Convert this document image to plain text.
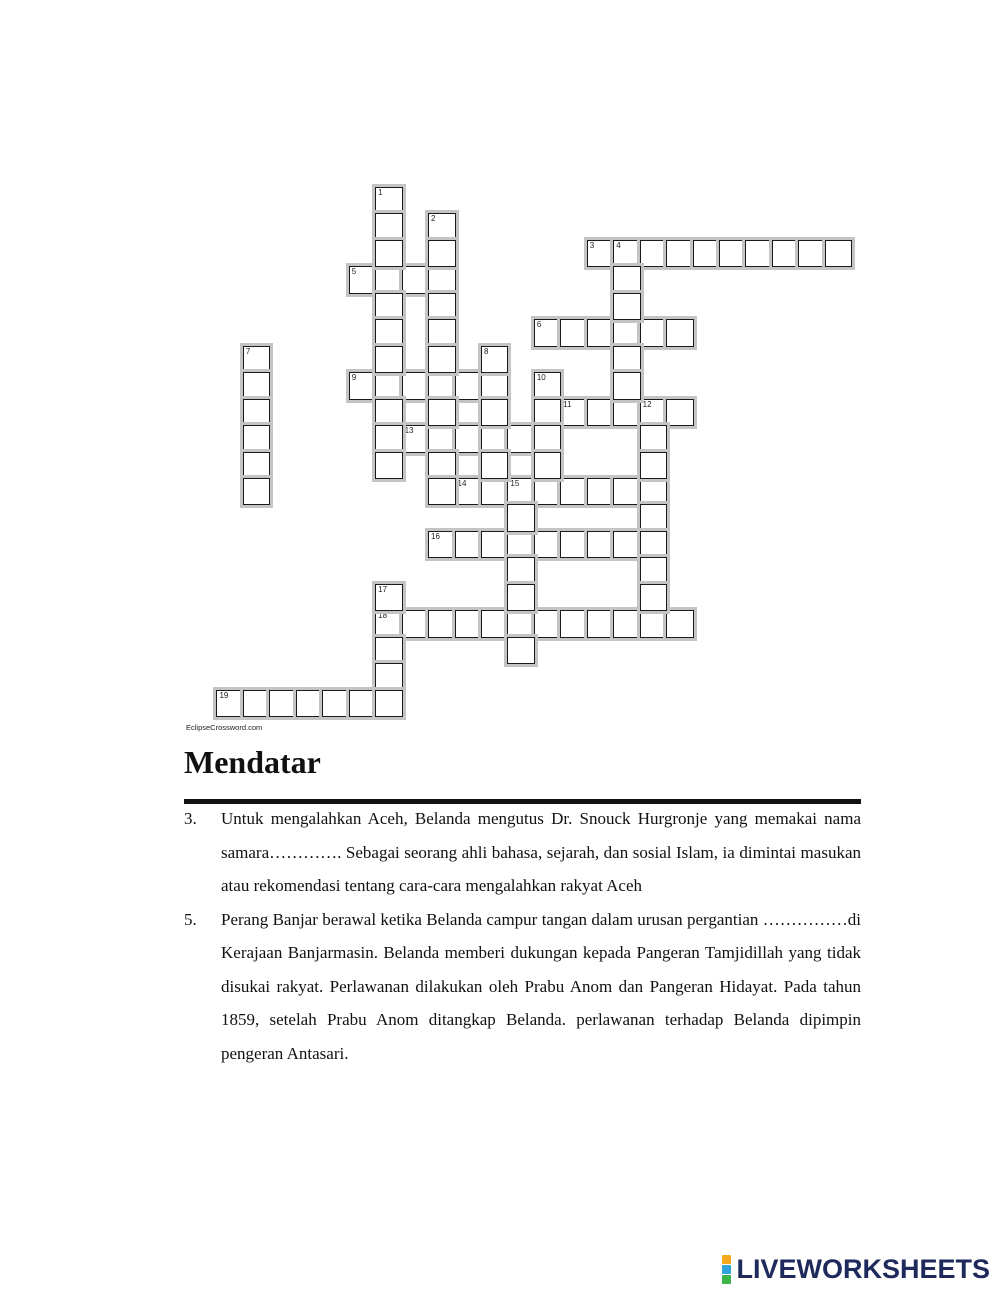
3	4
5
6
9
11	12
13
14	15
16
18
19
1
2
7	8
10
17
EclipseCrossword.com
Mendatar
3.	Untuk mengalahkan Aceh, Belanda mengutus Dr. Snouck Hurgronje yang memakai nama samara…………. Sebagai seorang ahli bahasa, sejarah, dan sosial Islam, ia dimintai masukan atau rekomendasi tentang cara-cara mengalahkan rakyat Aceh
5.	Perang Banjar berawal ketika Belanda campur tangan dalam urusan pergantian ……………di Kerajaan Banjarmasin. Belanda memberi dukungan kepada Pangeran Tamjidillah yang tidak disukai rakyat. Perlawanan dilakukan oleh Prabu Anom dan Pangeran Hidayat. Pada tahun 1859, setelah Prabu Anom ditangkap Belanda. perlawanan terhadap Belanda dipimpin pengeran Antasari.
LIVEWORKSHEETS
